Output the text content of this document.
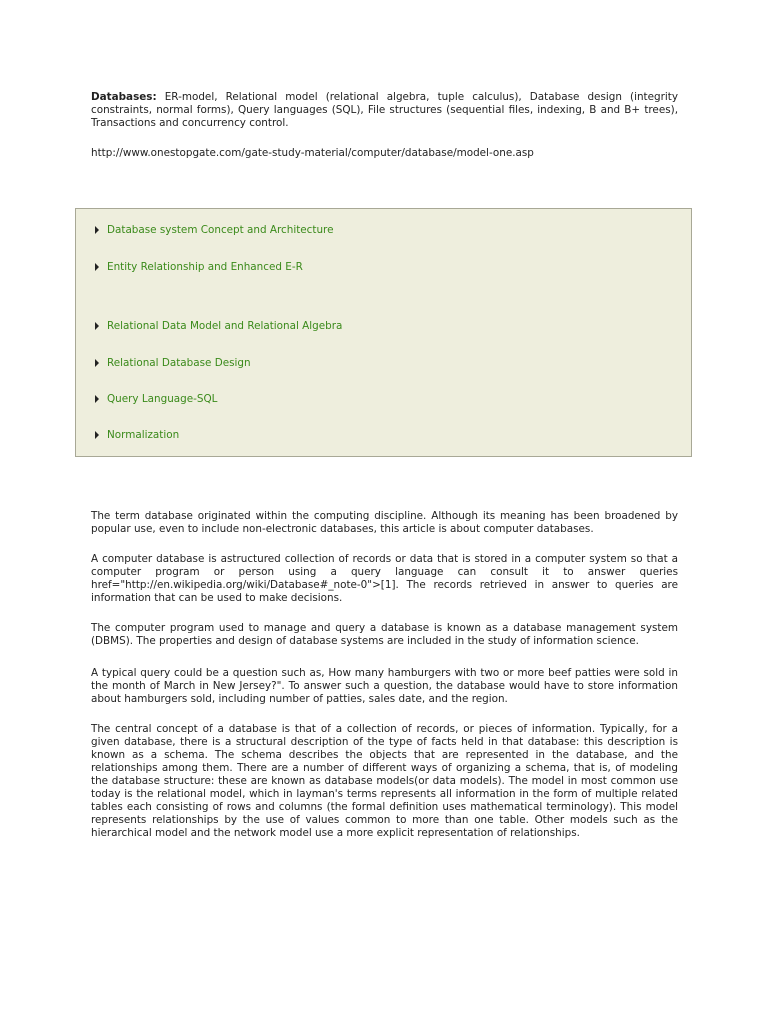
Databases: ER-model, Relational model (relational algebra, tuple calculus), Database design (integrity constraints, normal forms), Query languages (SQL), File structures (sequential files, indexing, B and B+ trees), Transactions and concurrency control.

http://www.onestopgate.com/gate-study-material/computer/database/model-one.asp

Database system Concept and Architecture
Entity Relationship and Enhanced E-R
Relational Data Model and Relational Algebra
Relational Database Design
Query Language-SQL
Normalization

The term database originated within the computing discipline. Although its meaning has been broadened by popular use, even to include non-electronic databases, this article is about computer databases.

A computer database is astructured collection of records or data that is stored in a computer system so that a computer program or person using a query language can consult it to answer queries href="http://en.wikipedia.org/wiki/Database#_note-0">[1]. The records retrieved in answer to queries are information that can be used to make decisions.

The computer program used to manage and query a database is known as a database management system (DBMS). The properties and design of database systems are included in the study of information science.

A typical query could be a question such as, How many hamburgers with two or more beef patties were sold in the month of March in New Jersey?". To answer such a question, the database would have to store information about hamburgers sold, including number of patties, sales date, and the region.

The central concept of a database is that of a collection of records, or pieces of information. Typically, for a given database, there is a structural description of the type of facts held in that database: this description is known as a schema. The schema describes the objects that are represented in the database, and the relationships among them. There are a number of different ways of organizing a schema, that is, of modeling the database structure: these are known as database models(or data models). The model in most common use today is the relational model, which in layman's terms represents all information in the form of multiple related tables each consisting of rows and columns (the formal definition uses mathematical terminology). This model represents relationships by the use of values common to more than one table. Other models such as the hierarchical model and the network model use a more explicit representation of relationships.
